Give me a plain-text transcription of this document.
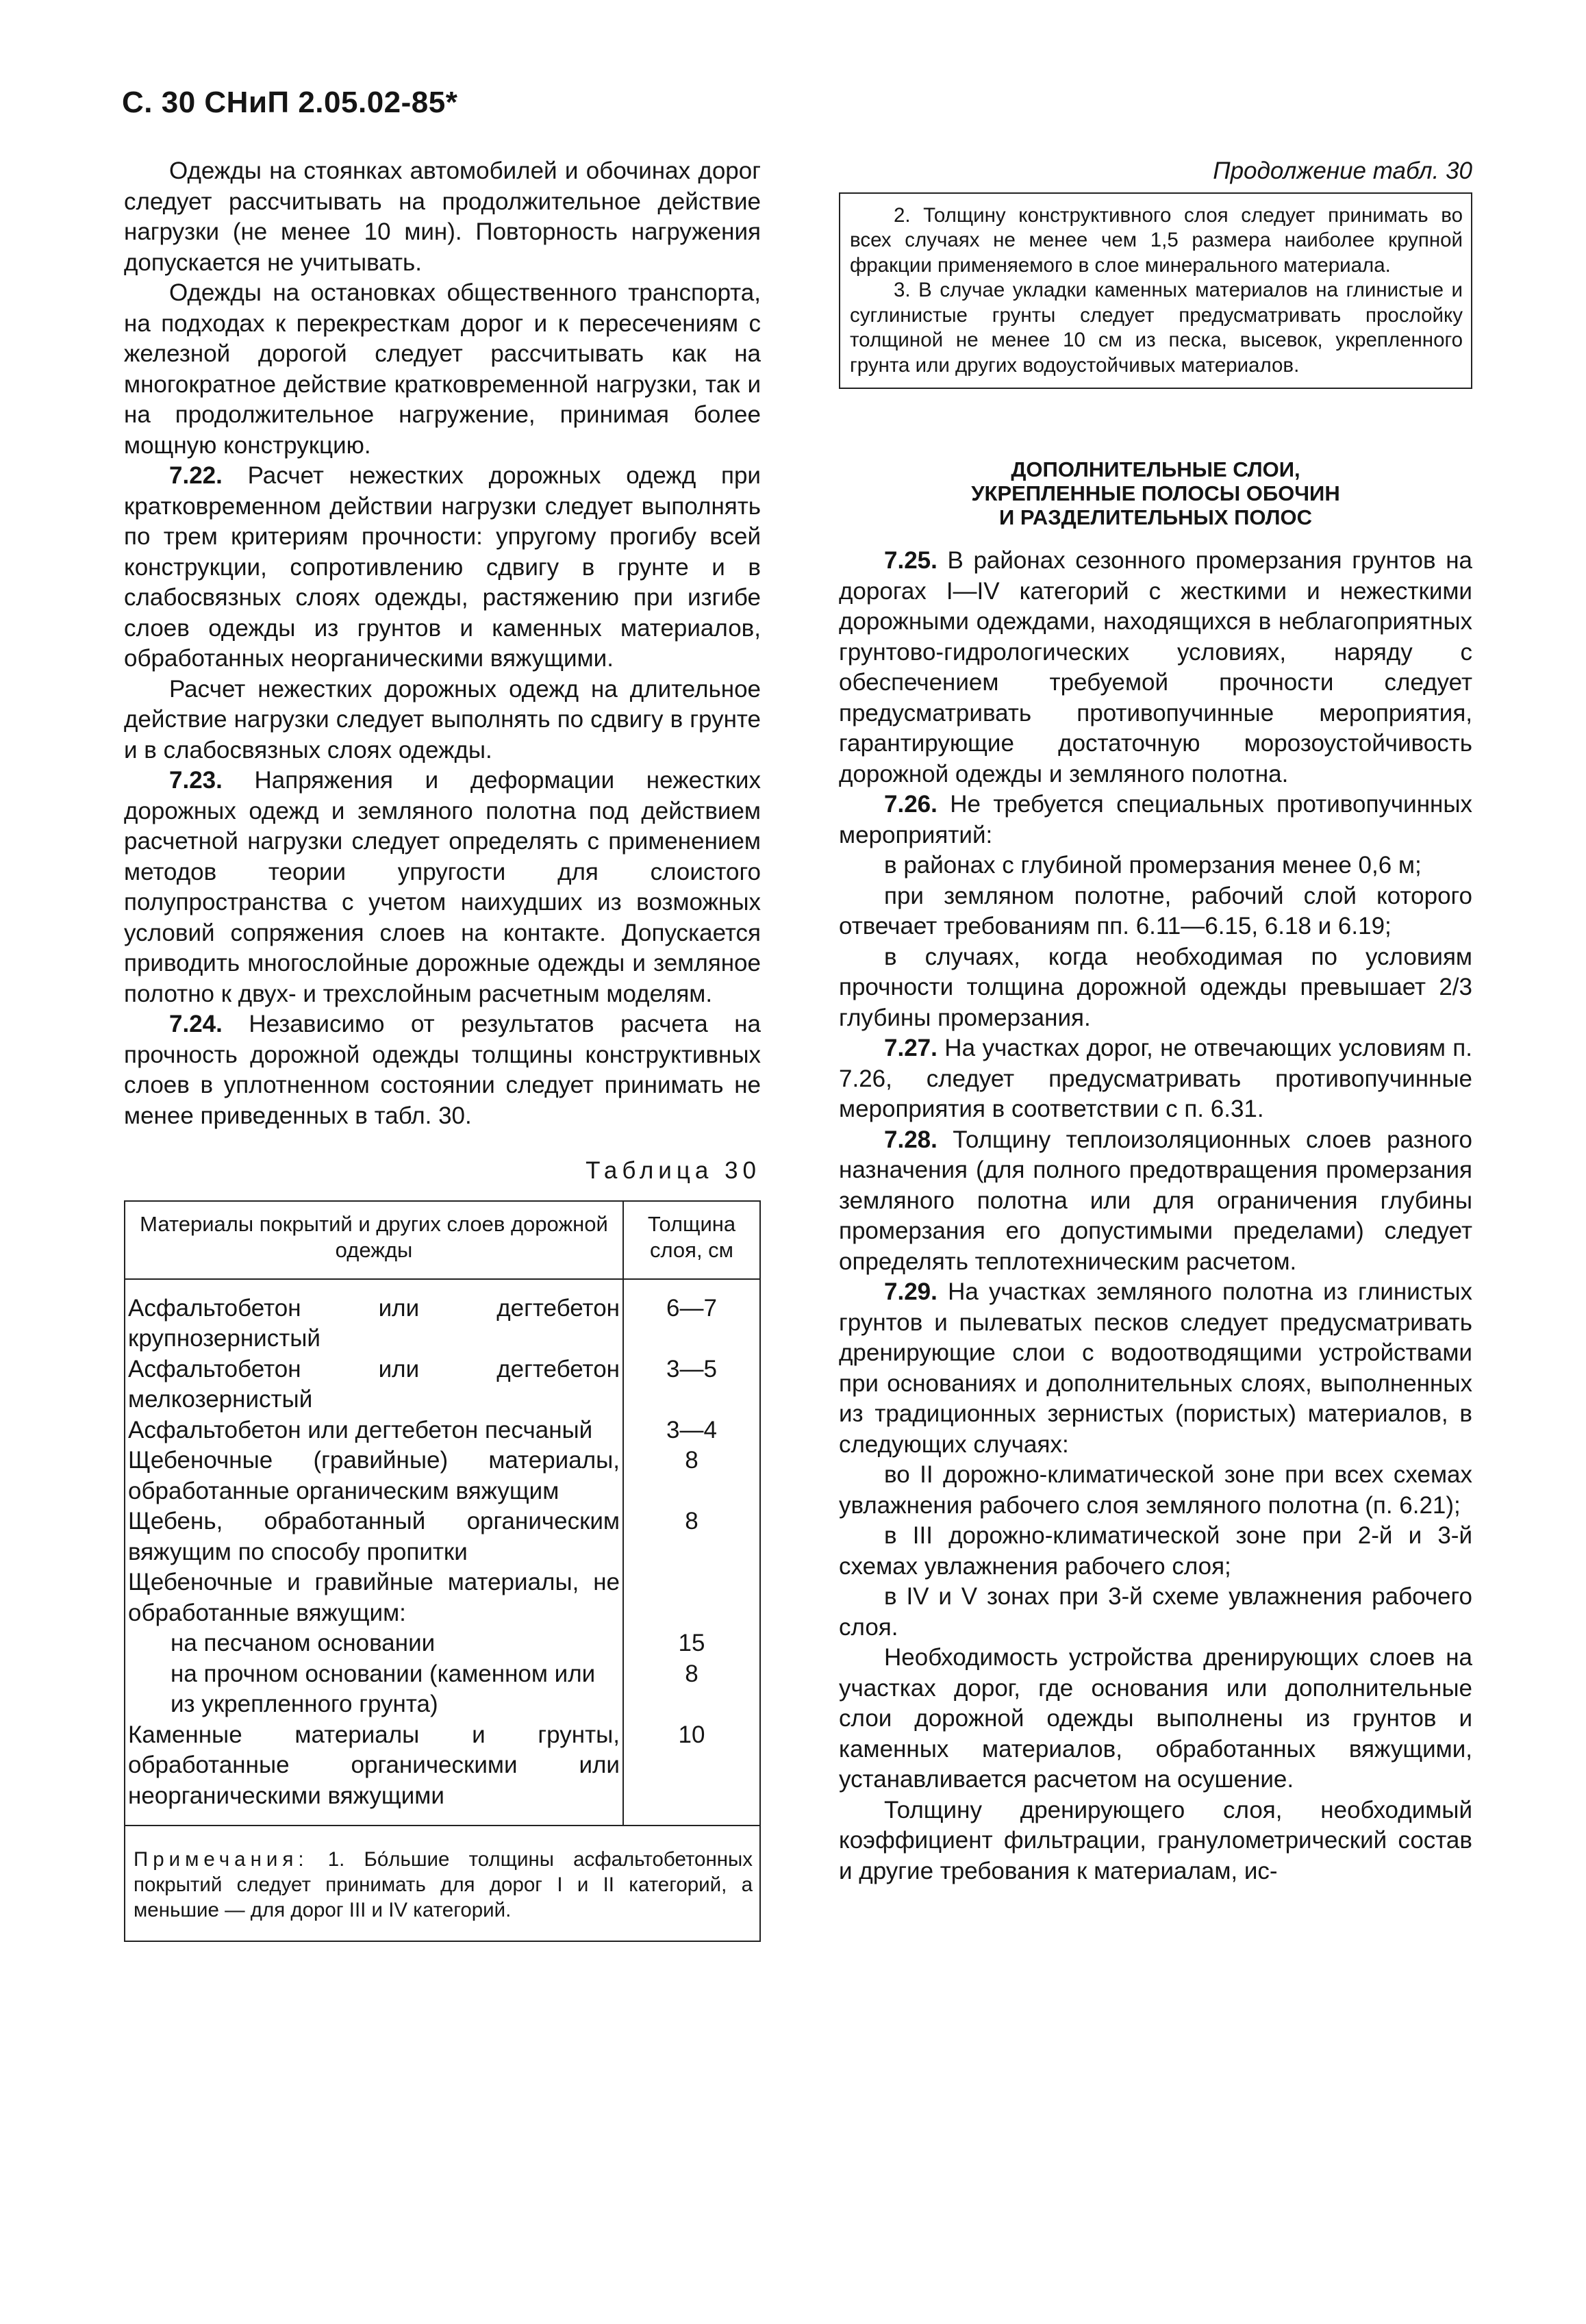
С. 30 СНиП 2.05.02-85*

Одежды на стоянках автомобилей и обочинах дорог следует рассчитывать на продолжительное действие нагрузки (не менее 10 мин). Повторность нагружения допускается не учитывать.

Одежды на остановках общественного транспорта, на подходах к перекресткам дорог и к пересечениям с железной дорогой следует рассчитывать как на многократное действие кратковременной нагрузки, так и на продолжительное нагружение, принимая более мощную конструкцию.

7.22. Расчет нежестких дорожных одежд при кратковременном действии нагрузки следует выполнять по трем критериям прочности: упругому прогибу всей конструкции, сопротивлению сдвигу в грунте и в слабосвязных слоях одежды, растяжению при изгибе слоев одежды из грунтов и каменных материалов, обработанных неорганическими вяжущими.

Расчет нежестких дорожных одежд на длительное действие нагрузки следует выполнять по сдвигу в грунте и в слабосвязных слоях одежды.

7.23. Напряжения и деформации нежестких дорожных одежд и земляного полотна под действием расчетной нагрузки следует определять с применением методов теории упругости для слоистого полупространства с учетом наихудших из возможных условий сопряжения слоев на контакте. Допускается приводить многослойные дорожные одежды и земляное полотно к двух- и трехслойным расчетным моделям.

7.24. Независимо от результатов расчета на прочность дорожной одежды толщины конструктивных слоев в уплотненном состоянии следует принимать не менее приведенных в табл. 30.

Таблица 30
Материалы покрытий и других слоев дорожной одежды	Толщина слоя, см
Асфальтобетон или дегтебетон крупнозернистый	6—7
Асфальтобетон или дегтебетон мелкозернистый	3—5
Асфальтобетон или дегтебетон песчаный	3—4
Щебеночные (гравийные) материалы, обработанные органическим вяжущим	8
Щебень, обработанный органическим вяжущим по способу пропитки	8
Щебеночные и гравийные материалы, не обработанные вяжущим:	
на песчаном основании	15
на прочном основании (каменном или из укрепленного грунта)	8
Каменные материалы и грунты, обработанные органическими или неорганическими вяжущими	10
Примечания: 1. Бо́льшие толщины асфальтобетонных покрытий следует принимать для дорог I и II категорий, а меньшие — для дорог III и IV категорий.
Продолжение табл. 30

2. Толщину конструктивного слоя следует принимать во всех случаях не менее чем 1,5 размера наиболее крупной фракции применяемого в слое минерального материала.

3. В случае укладки каменных материалов на глинистые и суглинистые грунты следует предусматривать прослойку толщиной не менее 10 см из песка, высевок, укрепленного грунта или других водоустойчивых материалов.

ДОПОЛНИТЕЛЬНЫЕ СЛОИ,
УКРЕПЛЕННЫЕ ПОЛОСЫ ОБОЧИН
И РАЗДЕЛИТЕЛЬНЫХ ПОЛОС

7.25. В районах сезонного промерзания грунтов на дорогах I—IV категорий с жесткими и нежесткими дорожными одеждами, находящихся в неблагоприятных грунтово-гидрологических условиях, наряду с обеспечением требуемой прочности следует предусматривать противопучинные мероприятия, гарантирующие достаточную морозоустойчивость дорожной одежды и земляного полотна.

7.26. Не требуется специальных противопучинных мероприятий:

в районах с глубиной промерзания менее 0,6 м;

при земляном полотне, рабочий слой которого отвечает требованиям пп. 6.11—6.15, 6.18 и 6.19;

в случаях, когда необходимая по условиям прочности толщина дорожной одежды превышает 2/3 глубины промерзания.

7.27. На участках дорог, не отвечающих условиям п. 7.26, следует предусматривать противопучинные мероприятия в соответствии с п. 6.31.

7.28. Толщину теплоизоляционных слоев разного назначения (для полного предотвращения промерзания земляного полотна или для ограничения глубины промерзания его допустимыми пределами) следует определять теплотехническим расчетом.

7.29. На участках земляного полотна из глинистых грунтов и пылеватых песков следует предусматривать дренирующие слои с водоотводящими устройствами при основаниях и дополнительных слоях, выполненных из традиционных зернистых (пористых) материалов, в следующих случаях:

во II дорожно-климатической зоне при всех схемах увлажнения рабочего слоя земляного полотна (п. 6.21);

в III дорожно-климатической зоне при 2-й и 3-й схемах увлажнения рабочего слоя;

в IV и V зонах при 3-й схеме увлажнения рабочего слоя.

Необходимость устройства дренирующих слоев на участках дорог, где основания или дополнительные слои дорожной одежды выполнены из грунтов и каменных материалов, обработанных вяжущими, устанавливается расчетом на осушение.

Толщину дренирующего слоя, необходимый коэффициент фильтрации, гранулометрический состав и другие требования к материалам, ис-
